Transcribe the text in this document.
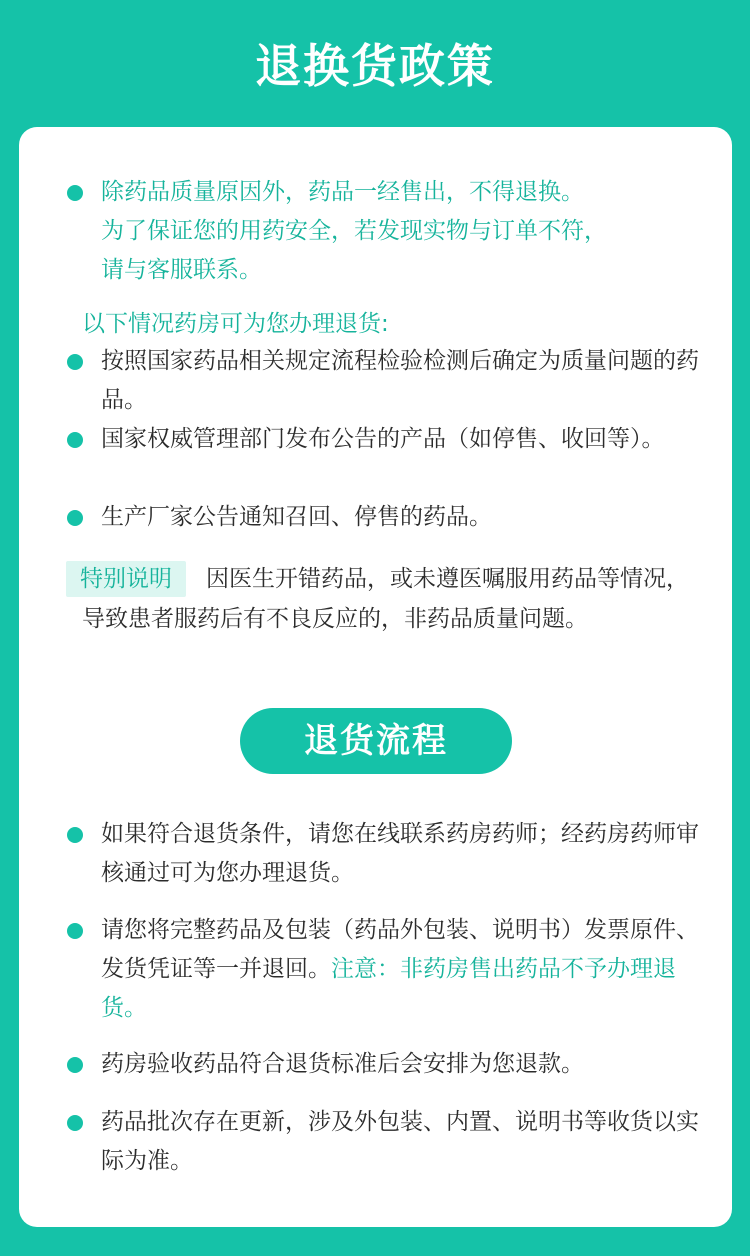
退换货政策
除药品质量原因外，药品一经售出，不得退换。
为了保证您的用药安全，若发现实物与订单不符，
请与客服联系。
以下情况药房可为您办理退货:
按照国家药品相关规定流程检验检测后确定为质量问题的药品。
国家权威管理部门发布公告的产品（如停售、收回等）。
生产厂家公告通知召回、停售的药品。
特别说明 因医生开错药品，或未遵医嘱服用药品等情况，导致患者服药后有不良反应的，非药品质量问题。
退货流程
如果符合退货条件，请您在线联系药房药师；经药房药师审核通过可为您办理退货。
请您将完整药品及包装（药品外包装、说明书）发票原件、发货凭证等一并退回。注意：非药房售出药品不予办理退货。
药房验收药品符合退货标准后会安排为您退款。
药品批次存在更新，涉及外包装、内置、说明书等收货以实际为准。
